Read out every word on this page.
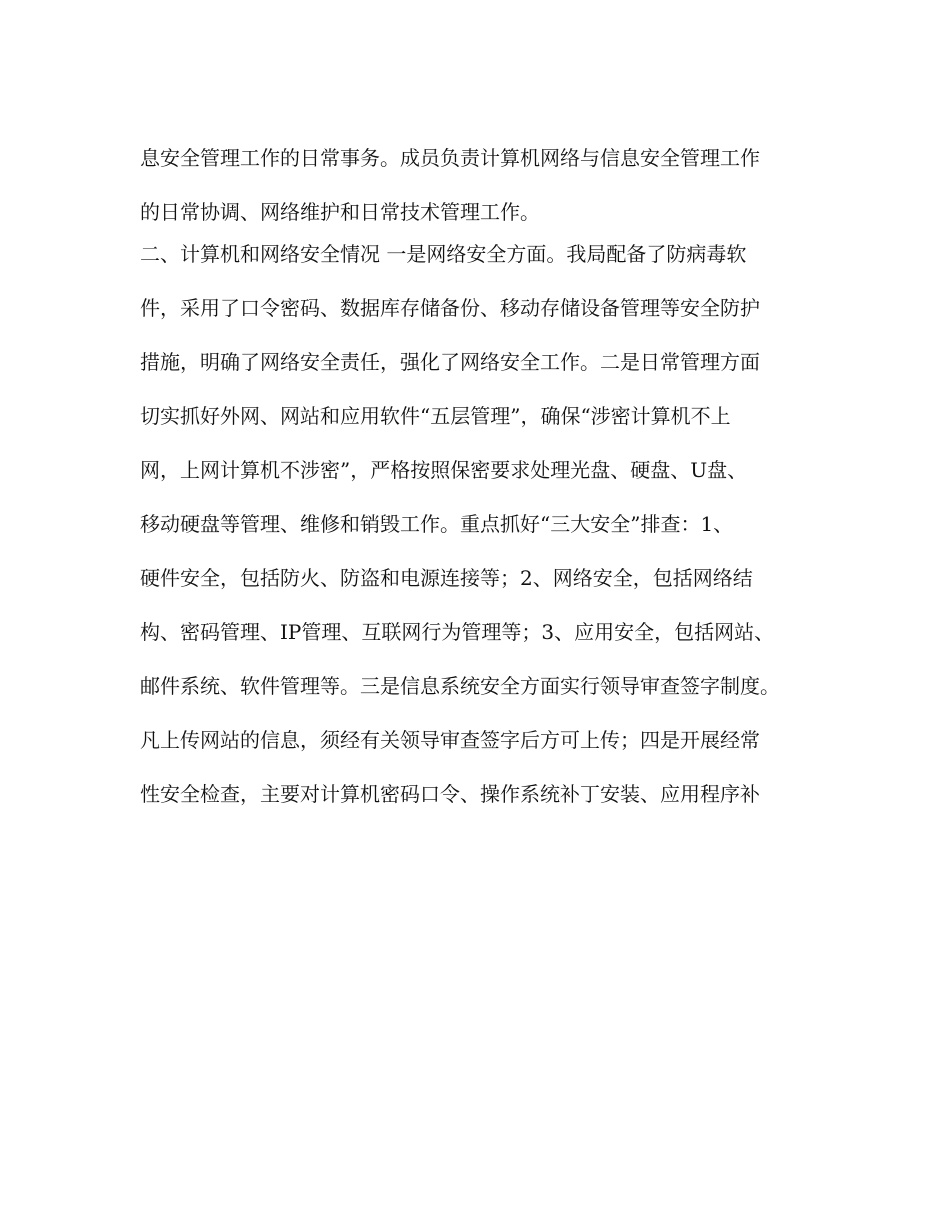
息安全管理工作的日常事务。成员负责计算机网络与信息安全管理工作
的日常协调、网络维护和日常技术管理工作。
二、计算机和网络安全情况 一是网络安全方面。我局配备了防病毒软
件，采用了口令密码、数据库存储备份、移动存储设备管理等安全防护
措施，明确了网络安全责任，强化了网络安全工作。二是日常管理方面
切实抓好外网、网站和应用软件“五层管理”，确保“涉密计算机不上
网，上网计算机不涉密”，严格按照保密要求处理光盘、硬盘、U盘、
移动硬盘等管理、维修和销毁工作。重点抓好“三大安全”排查：1、
硬件安全，包括防火、防盗和电源连接等；2、网络安全，包括网络结
构、密码管理、IP管理、互联网行为管理等；3、应用安全，包括网站、
邮件系统、软件管理等。三是信息系统安全方面实行领导审查签字制度。
凡上传网站的信息，须经有关领导审查签字后方可上传；四是开展经常
性安全检查，主要对计算机密码口令、操作系统补丁安装、应用程序补
